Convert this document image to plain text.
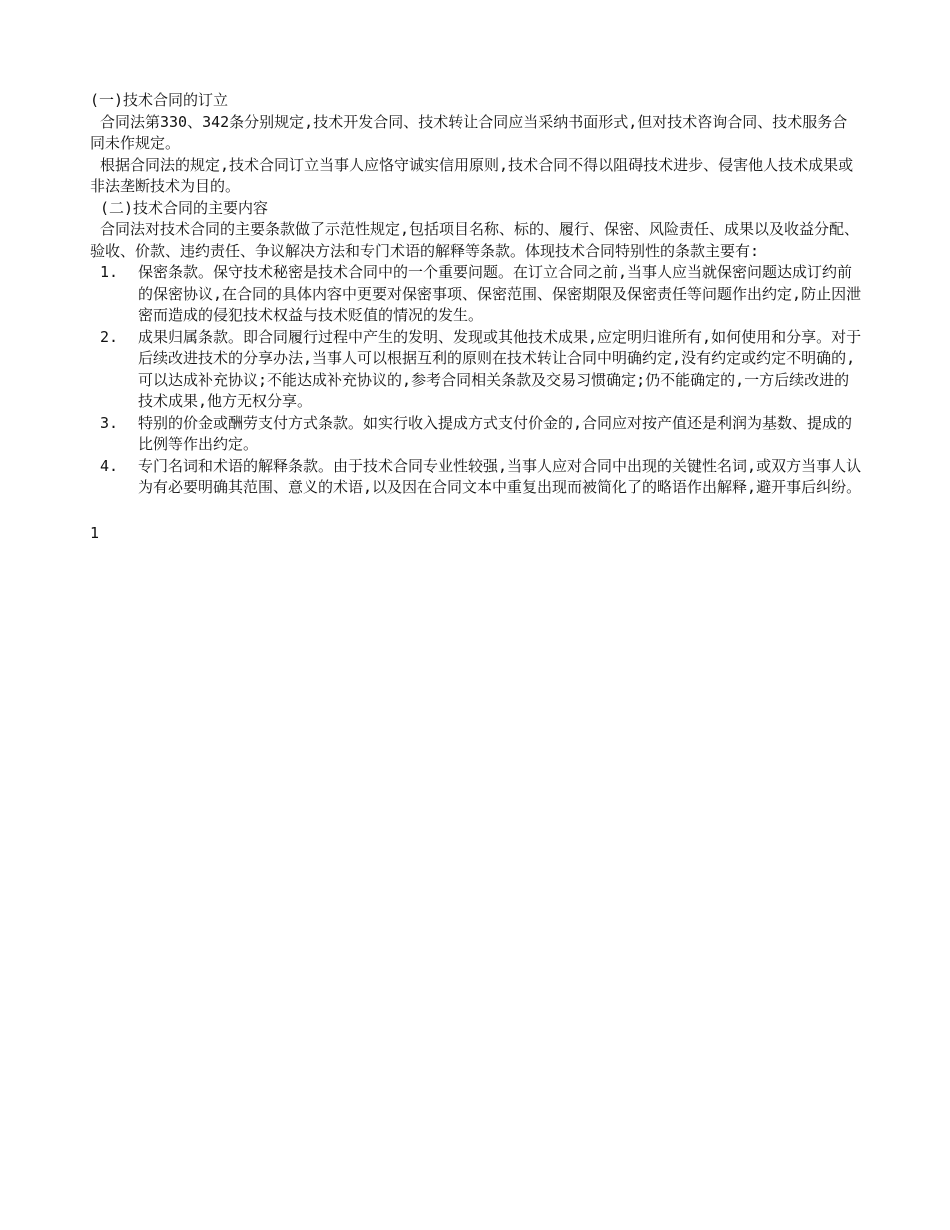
(一)技术合同的订立

合同法第330、342条分别规定,技术开发合同、技术转让合同应当采纳书面形式,但对技术咨询合同、技术服务合同未作规定。

根据合同法的规定,技术合同订立当事人应恪守诚实信用原则,技术合同不得以阻碍技术进步、侵害他人技术成果或非法垄断技术为目的。

(二)技术合同的主要内容

合同法对技术合同的主要条款做了示范性规定,包括项目名称、标的、履行、保密、风险责任、成果以及收益分配、验收、价款、违约责任、争议解决方法和专门术语的解释等条款。体现技术合同特别性的条款主要有:

1.	保密条款。保守技术秘密是技术合同中的一个重要问题。在订立合同之前,当事人应当就保密问题达成订约前的保密协议,在合同的具体内容中更要对保密事项、保密范围、保密期限及保密责任等问题作出约定,防止因泄密而造成的侵犯技术权益与技术贬值的情况的发生。
2.	成果归属条款。即合同履行过程中产生的发明、发现或其他技术成果,应定明归谁所有,如何使用和分享。对于后续改进技术的分享办法,当事人可以根据互利的原则在技术转让合同中明确约定,没有约定或约定不明确的,可以达成补充协议;不能达成补充协议的,参考合同相关条款及交易习惯确定;仍不能确定的,一方后续改进的技术成果,他方无权分享。
3.	特别的价金或酬劳支付方式条款。如实行收入提成方式支付价金的,合同应对按产值还是利润为基数、提成的比例等作出约定。
4.	专门名词和术语的解释条款。由于技术合同专业性较强,当事人应对合同中出现的关键性名词,或双方当事人认为有必要明确其范围、意义的术语,以及因在合同文本中重复出现而被简化了的略语作出解释,避开事后纠纷。
1
